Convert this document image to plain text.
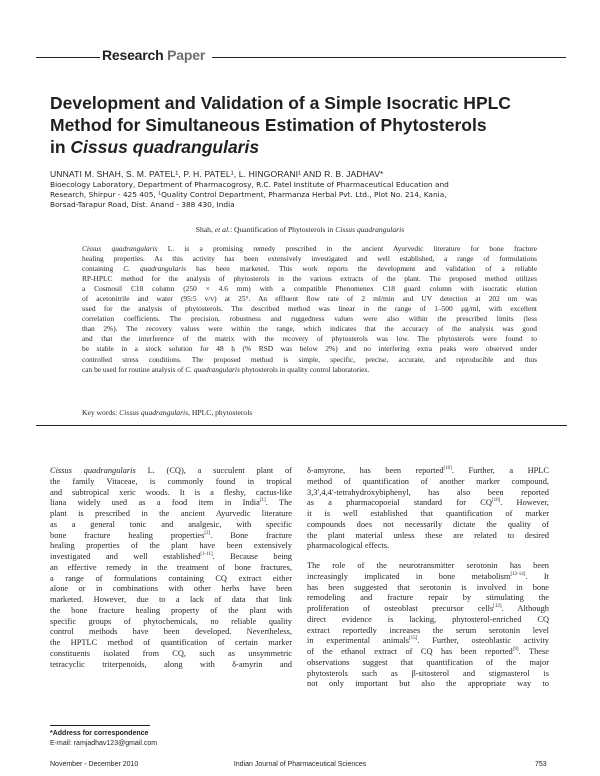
Research Paper
Development and Validation of a Simple Isocratic HPLC
Method for Simultaneous Estimation of Phytosterols
in Cissus quadrangularis
UNNATI M. SHAH, S. M. PATEL¹, P. H. PATEL¹, L. HINGORANI¹ AND R. B. JADHAV*
Bioecology Laboratory, Department of Pharmacogrosy, R.C. Patel Institute of Pharmaceutical Education and
Research, Shirpur - 425 405, ¹Quality Control Department, Pharmanza Herbal Pvt. Ltd., Plot No. 214, Kania,
Borsad-Tarapur Road, Dist. Anand - 388 430, India
Shah, et al.: Quantification of Phytosterols in Cissus quadrangularis
Cissus quadrangularis L. is a promising remedy prescribed in the ancient Ayurvedic literature for bone fracture
healing properties. As this activity has been extensively investigated and well established, a range of formulations
containing C. quadrangularis has been marketed. This work reports the development and validation of a reliable
RP-HPLC method for the analysis of phytosterols in the various extracts of the plant. The proposed method utilizes
a Cosmosil C18 column (250 × 4.6 mm) with a compatible Phenomenex C18 guard column with isocratic elution
of acetonitrile and water (95:5 v/v) at 25°. An effluent flow rate of 2 ml/min and UV detection at 202 nm was
used for the analysis of phytosterols. The described method was linear in the range of 1–500 μg/ml, with excellent
correlation coefficients. The precision, robustness and ruggedness values were also within the prescribed limits (less
than 2%). The recovery values were within the range, which indicates that the accuracy of the analysis was good
and that the interference of the matrix with the recovery of phytosterols was low. The phytosterols were found to
be stable in a stock solution for 48 h (% RSD was below 2%) and no interfering extra peaks were observed under
controlled stress conditions. The proposed method is simple, specific, precise, accurate, and reproducible and thus
can be used for routine analysis of C. quadrangularis phytosterols in quality control laboratories.
Key words: Cissus quadrangularis, HPLC, phytosterols
Cissus quadrangularis L. (CQ), a succulent plant of
the family Vitaceae, is commonly found in tropical
and subtropical xeric woods. It is a fleshy, cactus-like
liana widely used as a food item in India[1]. The
plant is prescribed in the ancient Ayurvedic literature
as a general tonic and analgesic, with specific
bone fracture healing properties[2]. Bone fracture
healing properties of the plant have been extensively
investigated and well established[1-11]. Because being
an effective remedy in the treatment of bone fractures,
a range of formulations containing CQ extract either
alone or in combinations with other herbs have been
marketed. However, due to a lack of data that link
the bone fracture healing property of the plant with
specific groups of phytochemicals, no reliable quality
control methods have been developed. Nevertheless,
the HPTLC method of quantification of certain marker
constituents isolated from CQ, such as unsymmetric
tetracyclic triterpenoids, along with δ-amyrin and
δ-amyrone, has been reported[10]. Further, a HPLC
method of quantification of another marker compound,
3,3′,4,4′-tetrahydroxybiphenyl, has also been reported
as a pharmacopoeial standard for CQ[10]. However,
it is well established that quantification of marker
compounds does not necessarily dictate the quality of
the plant material unless these are related to desired
pharmacological effects.
The role of the neurotransmitter serotonin has been
increasingly implicated in bone metabolism[12-14]. It
has been suggested that serotonin is involved in bone
remodeling and fracture repair by stimulating the
proliferation of osteoblast precursor cells[12]. Although
direct evidence is lacking, phytosterol-enriched CQ
extract reportedly increases the serum serotonin level
in experimental animals[15]. Further, osteoblastic activity
of the ethanol extract of CQ has been reported[9]. These
observations suggest that quantification of the major
phytosterols such as β-sitosterol and stigmasterol is
not only important but also the appropriate way to
*Address for correspondence
E-mail: ramjadhav123@gmail.com
November - December 2010	Indian Journal of Pharmaceutical Sciences	753
